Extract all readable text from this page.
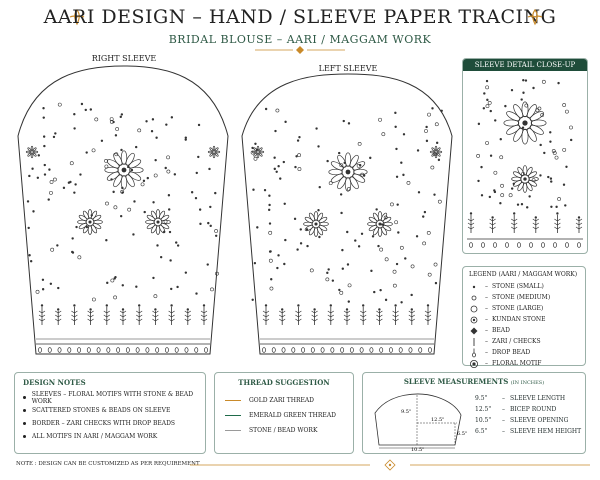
AARI DESIGN – HAND / SLEEVE PAPER TRACING
BRIDAL BLOUSE – AARI / MAGGAM WORK
RIGHT SLEEVE
LEFT SLEEVE	SLEEVE DETAIL CLOSE-UP
LEGEND (AARI / MAGGAM WORK)
– STONE (SMALL)
– STONE (MEDIUM)
– STONE (LARGE)
– KUNDAN STONE
– BEAD
– ZARI / CHECKS
– DROP BEAD
– FLORAL MOTIF
DESIGN NOTES
SLEEVES – FLORAL MOTIFS WITH STONE & BEAD WORK
SCATTERED STONES & BEADS ON SLEEVE
BORDER – ZARI CHECKS WITH DROP BEADS
ALL MOTIFS IN AARI / MAGGAM WORK
THREAD SUGGESTION
GOLD ZARI THREAD
EMERALD GREEN THREAD
STONE / BEAD WORK
SLEEVE MEASUREMENTS (IN INCHES)
9.5"
12.5"
6.5"
10.5"
9.5"	– SLEEVE LENGTH
12.5"	– BICEP ROUND
10.5"	– SLEEVE OPENING
6.5"	– SLEEVE HEM HEIGHT
NOTE : DESIGN CAN BE CUSTOMIZED AS PER REQUIREMENT
